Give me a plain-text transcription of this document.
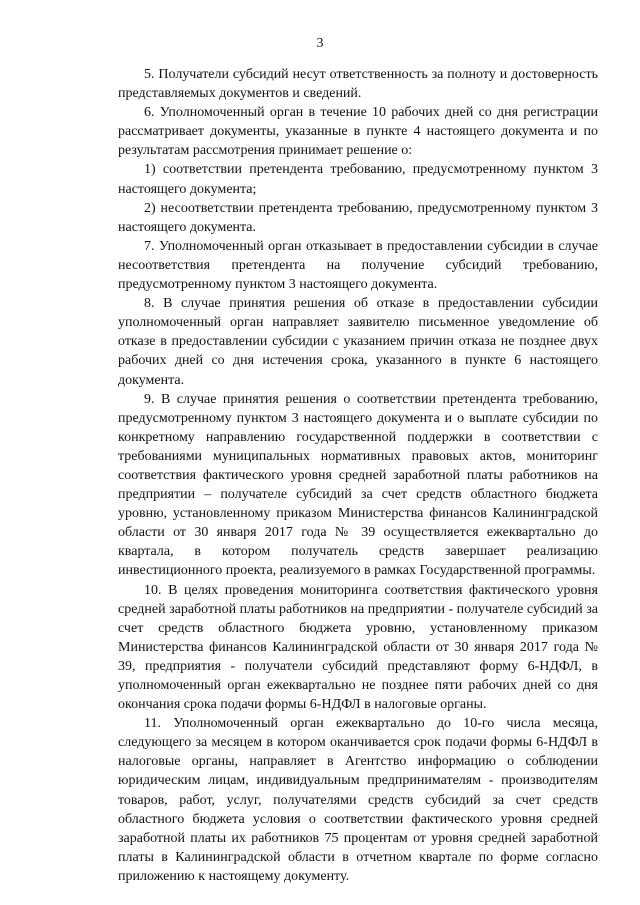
3

5. Получатели субсидий несут ответственность за полноту и достоверность представляемых документов и сведений.

6. Уполномоченный орган в течение 10 рабочих дней со дня регистрации рассматривает документы, указанные в пункте 4 настоящего документа и по результатам рассмотрения принимает решение о:

1) соответствии претендента требованию, предусмотренному пунктом 3 настоящего документа;

2) несоответствии претендента требованию, предусмотренному пунктом 3 настоящего документа.

7. Уполномоченный орган отказывает в предоставлении субсидии в случае несоответствия претендента на получение субсидий требованию, предусмотренному пунктом 3 настоящего документа.

8. В случае принятия решения об отказе в предоставлении субсидии уполномоченный орган направляет заявителю письменное уведомление об отказе в предоставлении субсидии с указанием причин отказа не позднее двух рабочих дней со дня истечения срока, указанного в пункте 6 настоящего документа.

9. В случае принятия решения о соответствии претендента требованию, предусмотренному пунктом 3 настоящего документа и о выплате субсидии по конкретному направлению государственной поддержки в соответствии с требованиями муниципальных нормативных правовых актов, мониторинг соответствия фактического уровня средней заработной платы работников на предприятии – получателе субсидий за счет средств областного бюджета уровню, установленному приказом Министерства финансов Калининградской области от 30 января 2017 года № 39 осуществляется ежеквартально до квартала, в котором получатель средств завершает реализацию инвестиционного проекта, реализуемого в рамках Государственной программы.

10. В целях проведения мониторинга соответствия фактического уровня средней заработной платы работников на предприятии - получателе субсидий за счет средств областного бюджета уровню, установленному приказом Министерства финансов Калининградской области от 30 января 2017 года № 39, предприятия - получатели субсидий представляют форму 6-НДФЛ, в уполномоченный орган ежеквартально не позднее пяти рабочих дней со дня окончания срока подачи формы 6-НДФЛ в налоговые органы.

11. Уполномоченный орган ежеквартально до 10-го числа месяца, следующего за месяцем в котором оканчивается срок подачи формы 6-НДФЛ в налоговые органы, направляет в Агентство информацию о соблюдении юридическим лицам, индивидуальным предпринимателям - производителям товаров, работ, услуг, получателями средств субсидий за счет средств областного бюджета условия о соответствии фактического уровня средней заработной платы их работников 75 процентам от уровня средней заработной платы в Калининградской области в отчетном квартале по форме согласно приложению к настоящему документу.
